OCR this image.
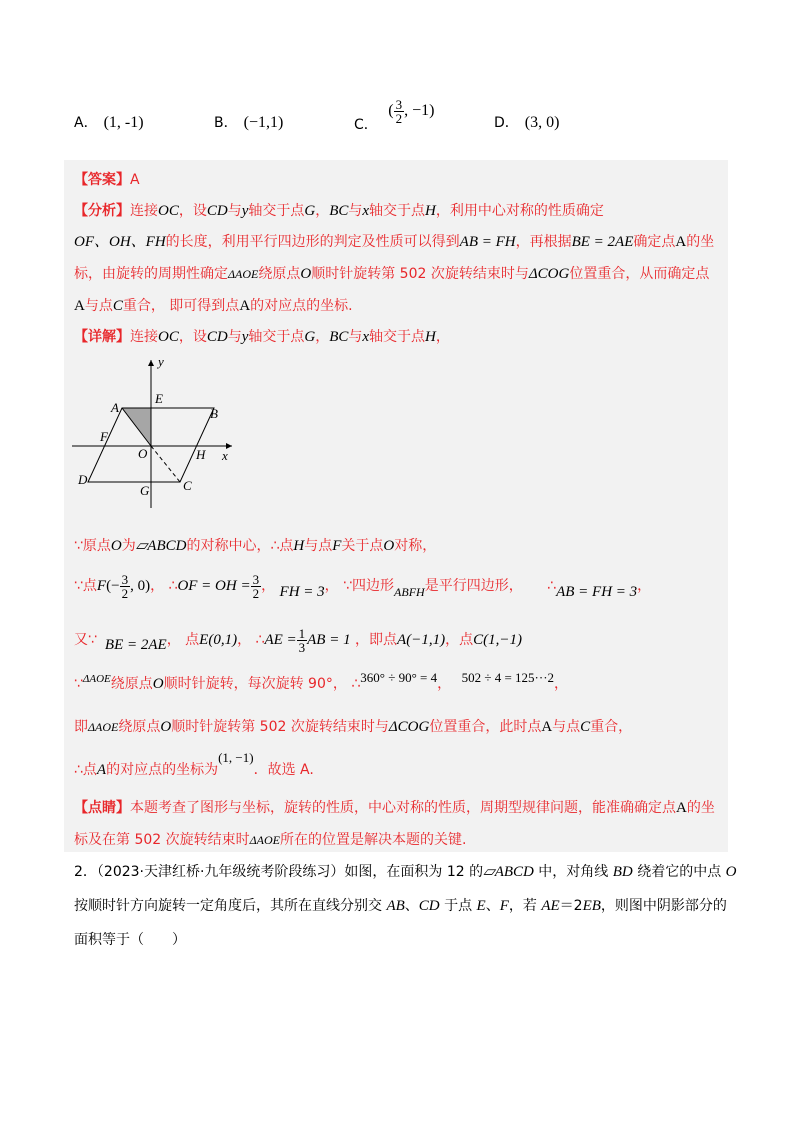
A． (1, -1)	B． (−1,1)	C． ( $\frac{3}{2}$ , −1)
D． (3, 0)
【答案】A
【分析】连接OC，设CD与y轴交于点G，BC与x轴交于点H，利用中心对称的性质确定
OF、OH、FH的长度，利用平行四边形的判定及性质可以得到AB = FH，再根据BE = 2AE确定点A的坐
标，由旋转的周期性确定ΔAOE绕原点O顺时针旋转第 502 次旋转结束时与ΔCOG位置重合，从而确定点
A与点C重合， 即可得到点A的对应点的坐标.
【详解】连接OC，设CD与y轴交于点G，BC与x轴交于点H，
y
x
A
E
B
F
O	H
D
G	C
∵原点O为▱ABCD的对称中心，∴点H与点F关于点O对称，
∵点$F(- \frac{3}{2}$ , 0)， ∴OF = OH = $\frac{3}{2}$ ， FH = 3， ∵四边形ABFH是平行四边形， ∴AB = FH = 3，
又∵ BE = 2AE， 点E(0,1)， ∴AE = $\frac{1}{3}$ AB = 1 ，即点A(−1,1)，点C(1,−1)
∵$^{\Delta AOE}$绕原点O顺时针旋转，每次旋转 90°， ∴360° ÷ 90° = 4， 502 ÷ 4 = 125···2，
即ΔAOE绕原点O顺时针旋转第 502 次旋转结束时与ΔCOG位置重合，此时点A与点C重合，
∴点A的对应点的坐标为(1, −1)．故选 A.
【点睛】本题考查了图形与坐标，旋转的性质，中心对称的性质，周期型规律问题，能准确确定点A的坐
标及在第 502 次旋转结束时ΔAOE所在的位置是解决本题的关键.
2．（2023·天津红桥·九年级统考阶段练习）如图，在面积为 12 的▱ABCD 中，对角线 BD 绕着它的中点 O
按顺时针方向旋转一定角度后，其所在直线分别交 AB、CD 于点 E、F，若 AE＝2EB，则图中阴影部分的
面积等于（　　）
